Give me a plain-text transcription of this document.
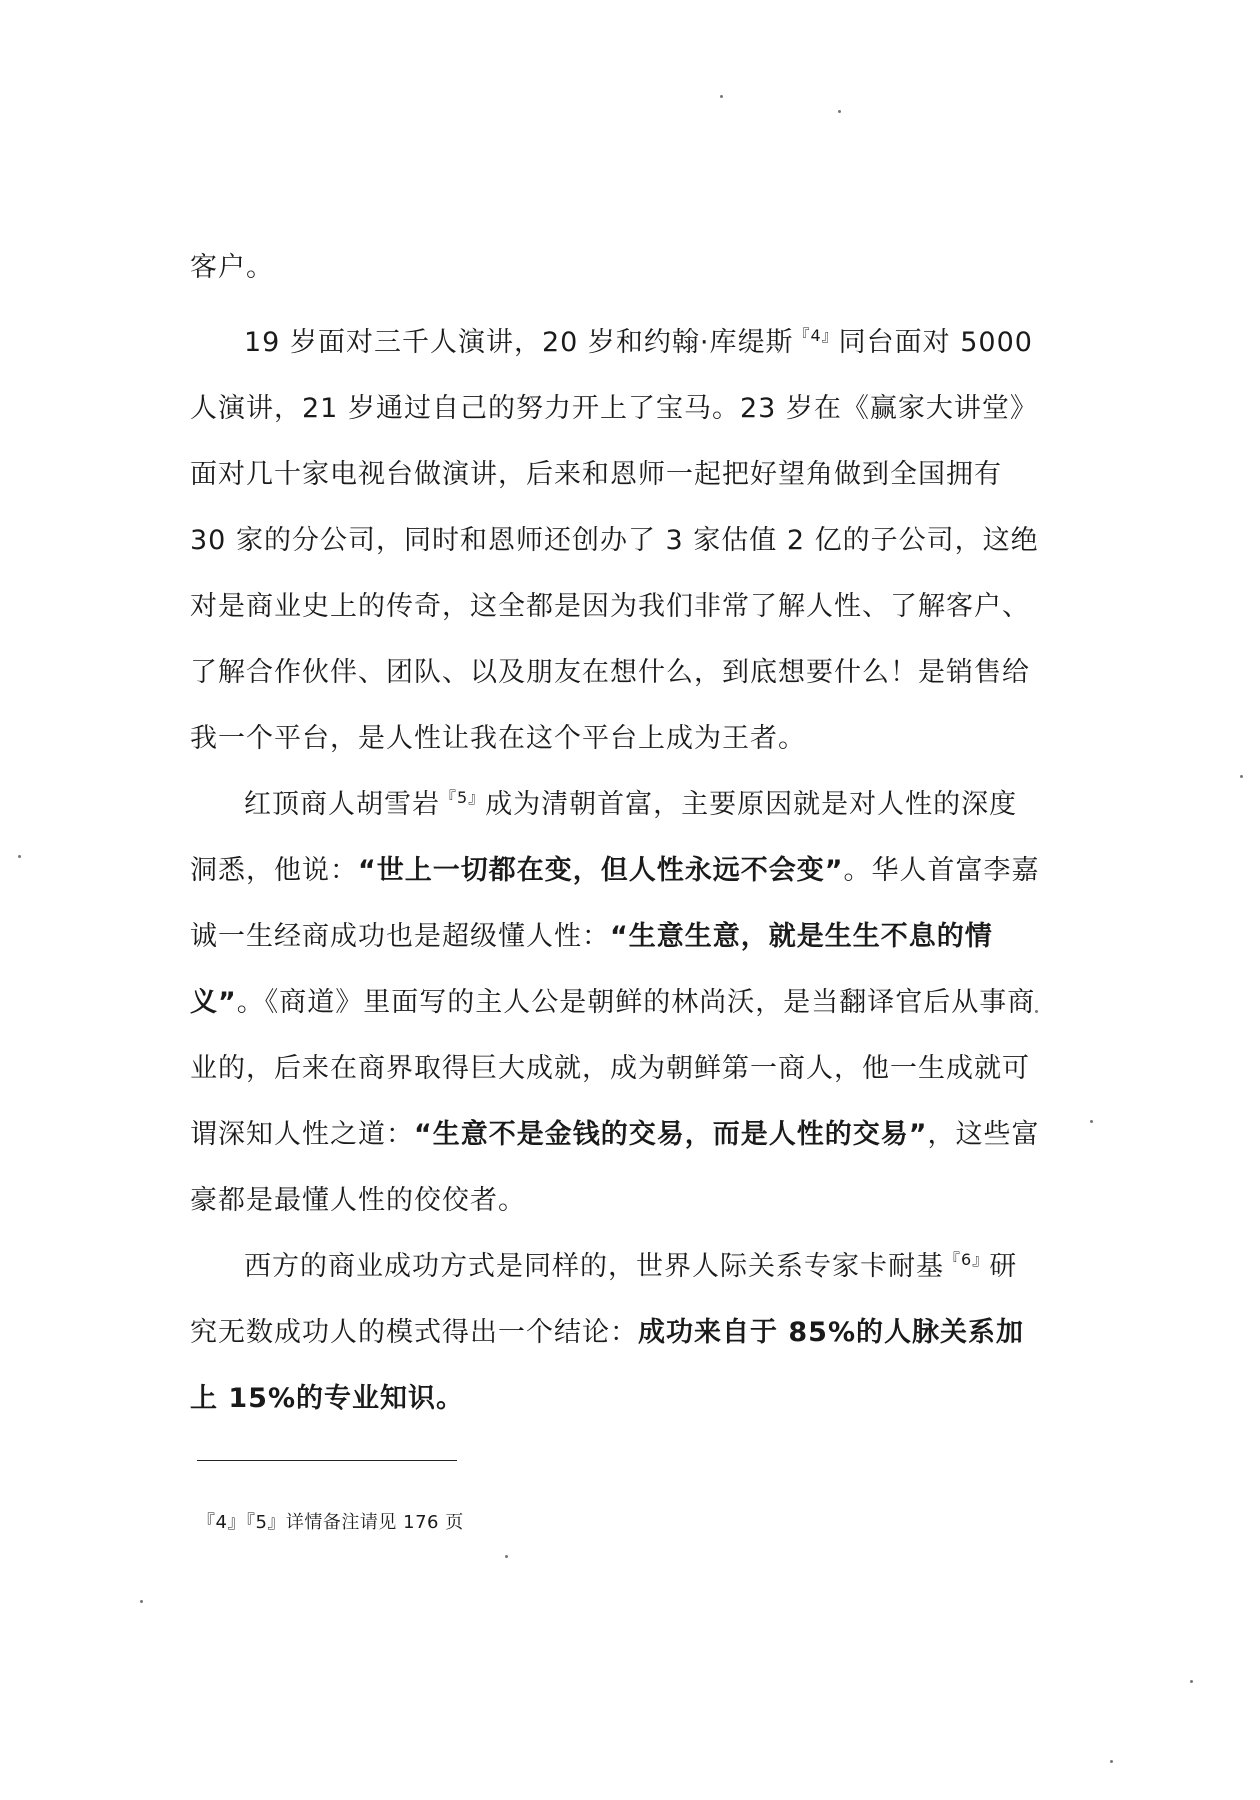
客户。

19 岁面对三千人演讲，20 岁和约翰·库缇斯$^{『4』}$同台面对 5000 人演讲，21 岁通过自己的努力开上了宝马。23 岁在《赢家大讲堂》面对几十家电视台做演讲，后来和恩师一起把好望角做到全国拥有 30 家的分公司，同时和恩师还创办了 3 家估值 2 亿的子公司，这绝对是商业史上的传奇，这全都是因为我们非常了解人性、了解客户、了解合作伙伴、团队、以及朋友在想什么，到底想要什么！是销售给我一个平台，是人性让我在这个平台上成为王者。

红顶商人胡雪岩$^{『5』}$成为清朝首富，主要原因就是对人性的深度洞悉，他说：“世上一切都在变，但人性永远不会变”。华人首富李嘉诚一生经商成功也是超级懂人性：“生意生意，就是生生不息的情义”。《商道》里面写的主人公是朝鲜的林尚沃，是当翻译官后从事商业的，后来在商界取得巨大成就，成为朝鲜第一商人，他一生成就可谓深知人性之道：“生意不是金钱的交易，而是人性的交易”，这些富豪都是最懂人性的佼佼者。

西方的商业成功方式是同样的，世界人际关系专家卡耐基$^{『6』}$研究无数成功人的模式得出一个结论：成功来自于 85%的人脉关系加上 15%的专业知识。

『4』『5』详情备注请见 176 页
